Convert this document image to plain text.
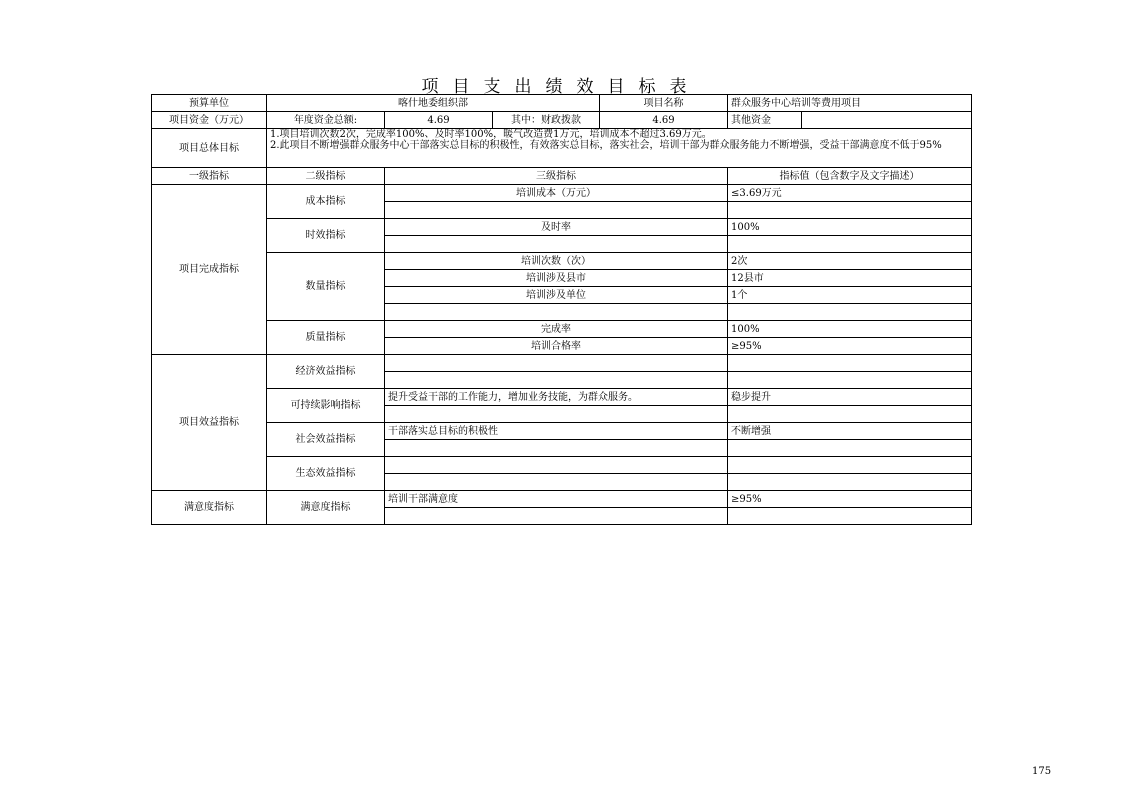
项目支出绩效目标表
预算单位	喀什地委组织部			项目名称	群众服务中心培训等费用项目	
项目资金（万元）	年度资金总额:	4.69	其中：财政拨款	4.69	其他资金	
项目总体目标	1.项目培训次数2次，完成率100%、及时率100%，暖气改造费1万元，培训成本不超过3.69万元。
2.此项目不断增强群众服务中心干部落实总目标的积极性，有效落实总目标，落实社会，培训干部为群众服务能力不断增强，受益干部满意度不低于95%					

一级指标	二级指标	三级指标			指标值（包含数字及文字描述）	
项目完成指标	成本指标	培训成本（万元）			≤3.69万元	

	时效指标	及时率			100%	

	数量指标	培训次数（次）			2次	
		培训涉及县市			12县市	
		培训涉及单位			1个	

	质量指标	完成率			100%	
		培训合格率			≥95%	
项目效益指标	经济效益指标					

	可持续影响指标	提升受益干部的工作能力，增加业务技能，为群众服务。			稳步提升	

	社会效益指标	干部落实总目标的积极性			不断增强	

	生态效益指标					

满意度指标	满意度指标	培训干部满意度			≥95%	

175
